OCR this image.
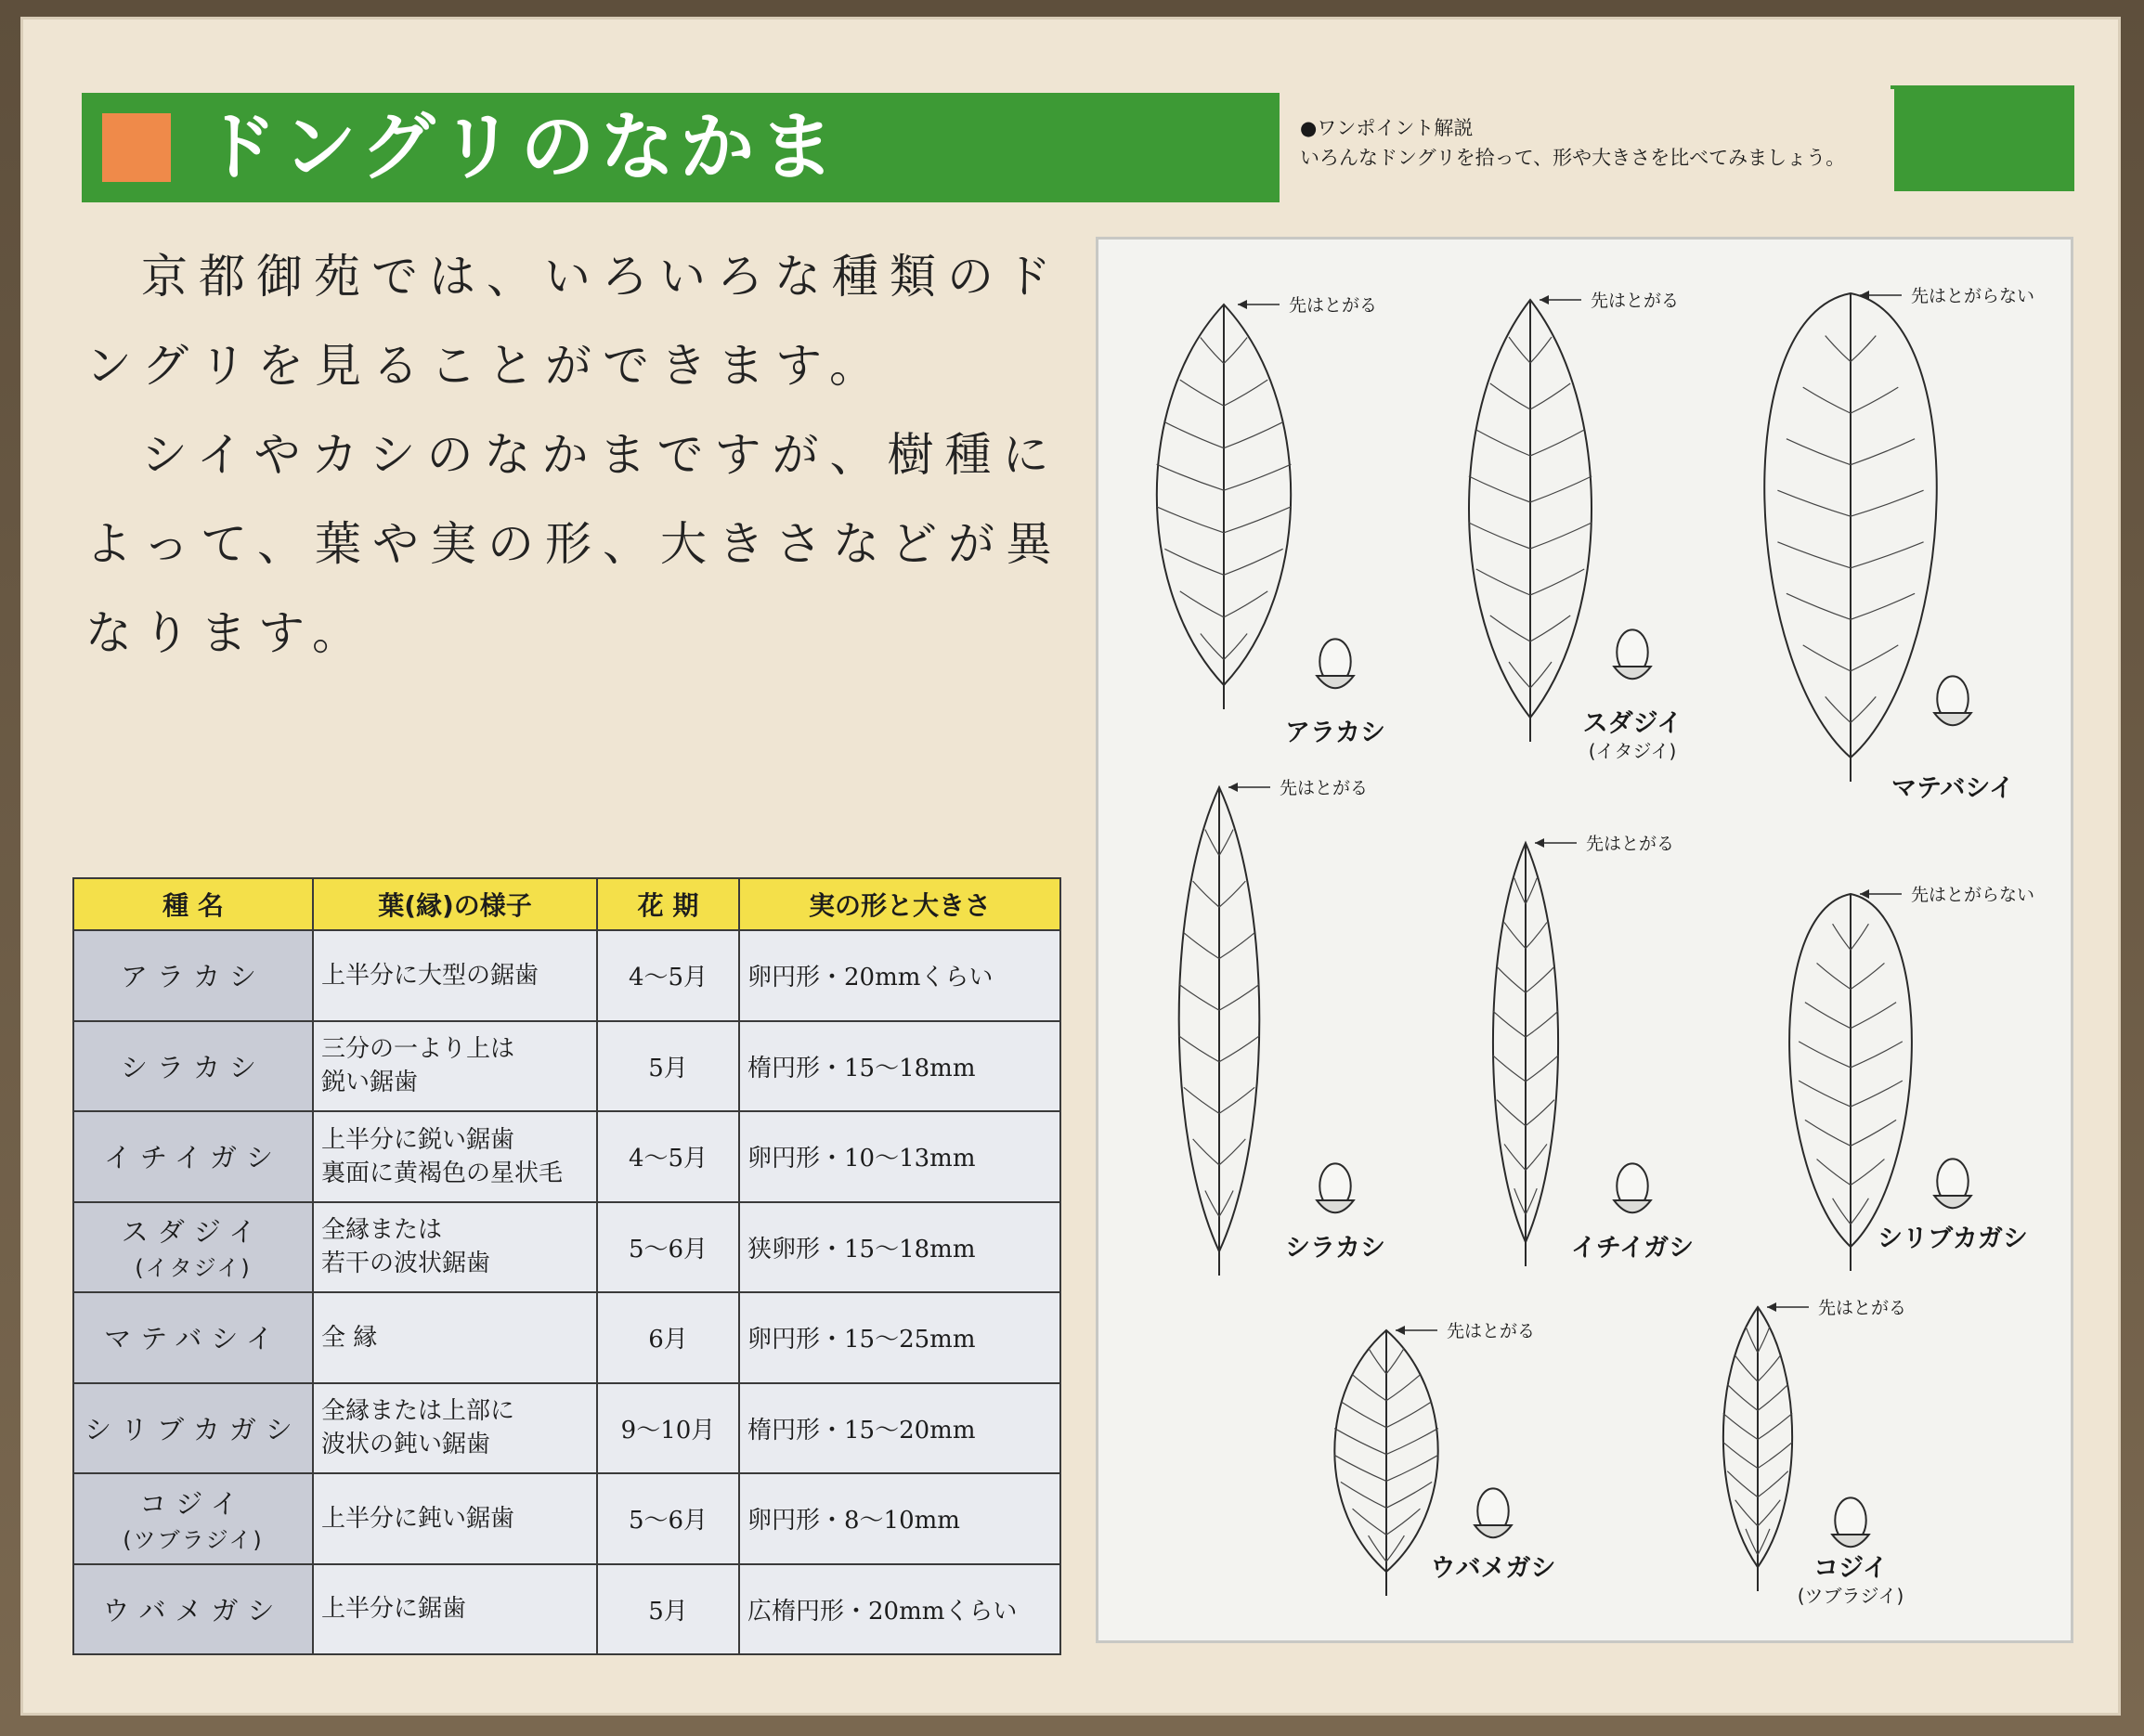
ドングリのなかま	●ワンポイント解説
いろんなドングリを拾って、形や大きさを比べてみましょう。

京都御苑では、いろいろな種類のドングリを見ることができます。

シイやカシのなかまですが、樹種によって、葉や実の形、大きさなどが異なります。

種 名	葉(縁)の様子	花 期	実の形と大きさ
アラカシ	上半分に大型の鋸歯	4～5月	卵円形・20mmくらい
シラカシ	三分の一より上は
鋭い鋸歯	5月	楕円形・15～18mm
イチイガシ	上半分に鋭い鋸歯
裏面に黄褐色の星状毛	4～5月	卵円形・10～13mm
スダジイ
(イタジイ)	全縁または
若干の波状鋸歯	5～6月	狭卵形・15～18mm
マテバシイ	全 縁	6月	卵円形・15～25mm
シリブカガシ	全縁または上部に
波状の鈍い鋸歯	9～10月	楕円形・15～20mm
コジイ
(ツブラジイ)	上半分に鈍い鋸歯	5～6月	卵円形・8～10mm
ウバメガシ	上半分に鋸歯	5月	広楕円形・20mmくらい
先はとがる
アラカシ
先はとがる
スダジイ
(イタジイ)
先はとがらない
マテバシイ
先はとがる
シラカシ
先はとがる
イチイガシ
先はとがらない
シリブカガシ
先はとがる
ウバメガシ
先はとがる
コジイ
(ツブラジイ)
